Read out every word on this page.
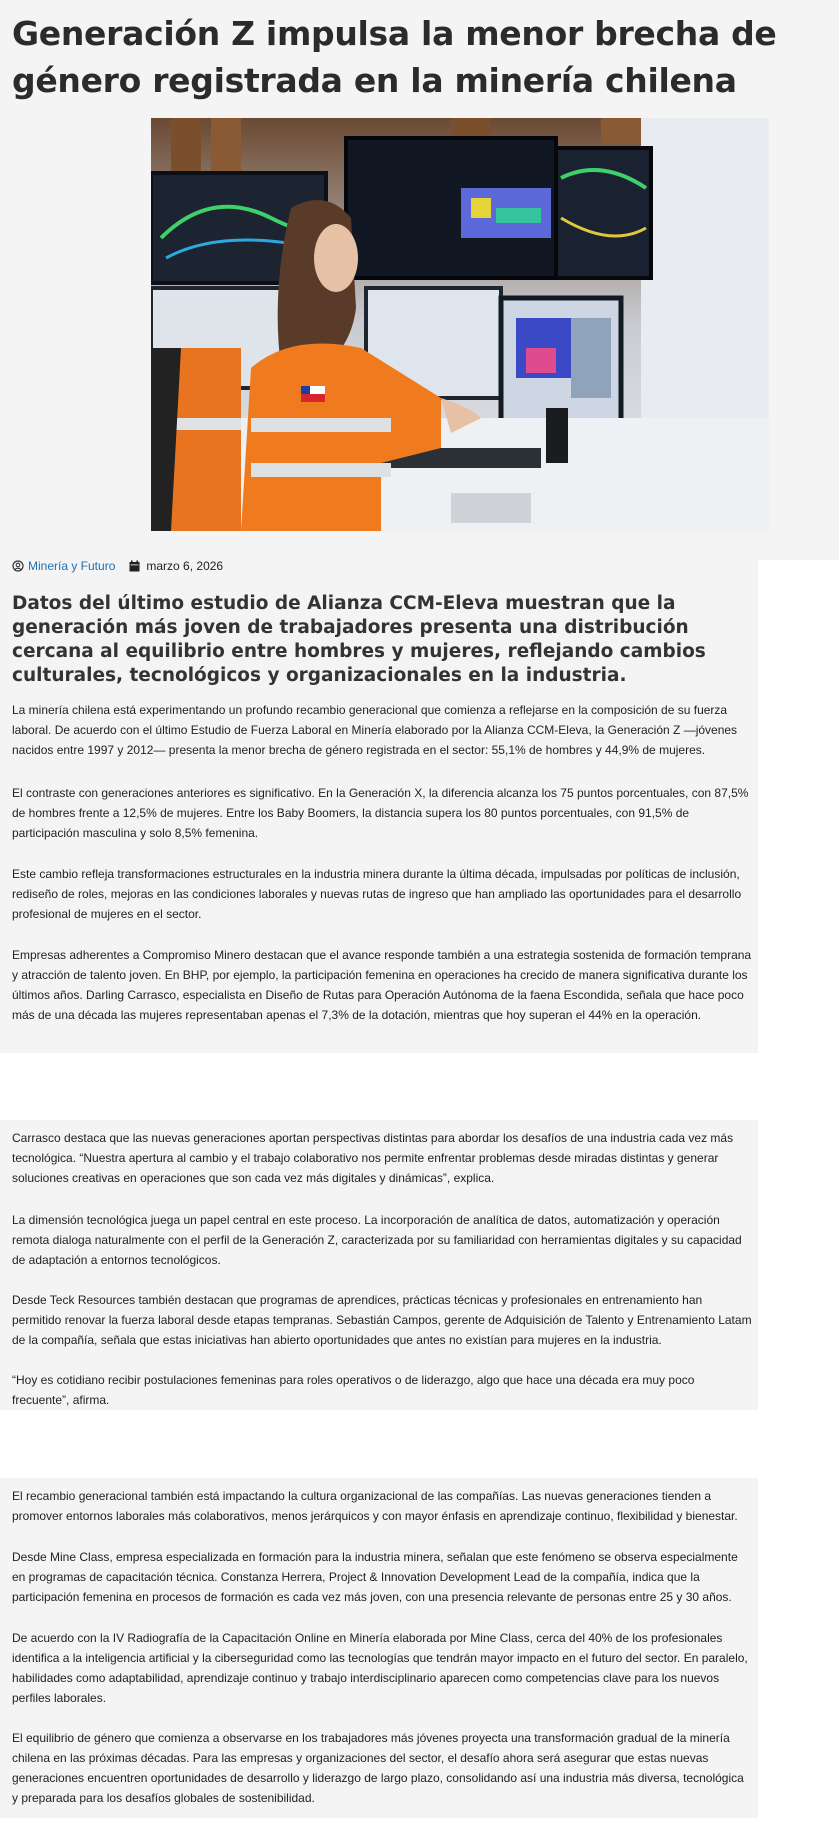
Generación Z impulsa la menor brecha de género registrada en la minería chilena
Minería y Futuro	marzo 6, 2026
Datos del último estudio de Alianza CCM-Eleva muestran que la generación más joven de trabajadores presenta una distribución cercana al equilibrio entre hombres y mujeres, reflejando cambios culturales, tecnológicos y organizacionales en la industria.

La minería chilena está experimentando un profundo recambio generacional que comienza a reflejarse en la composición de su fuerza laboral. De acuerdo con el último Estudio de Fuerza Laboral en Minería elaborado por la Alianza CCM-Eleva, la Generación Z —jóvenes nacidos entre 1997 y 2012— presenta la menor brecha de género registrada en el sector: 55,1% de hombres y 44,9% de mujeres.

El contraste con generaciones anteriores es significativo. En la Generación X, la diferencia alcanza los 75 puntos porcentuales, con 87,5% de hombres frente a 12,5% de mujeres. Entre los Baby Boomers, la distancia supera los 80 puntos porcentuales, con 91,5% de participación masculina y solo 8,5% femenina.

Este cambio refleja transformaciones estructurales en la industria minera durante la última década, impulsadas por políticas de inclusión, rediseño de roles, mejoras en las condiciones laborales y nuevas rutas de ingreso que han ampliado las oportunidades para el desarrollo profesional de mujeres en el sector.

Empresas adherentes a Compromiso Minero destacan que el avance responde también a una estrategia sostenida de formación temprana y atracción de talento joven. En BHP, por ejemplo, la participación femenina en operaciones ha crecido de manera significativa durante los últimos años. Darling Carrasco, especialista en Diseño de Rutas para Operación Autónoma de la faena Escondida, señala que hace poco más de una década las mujeres representaban apenas el 7,3% de la dotación, mientras que hoy superan el 44% en la operación.

Carrasco destaca que las nuevas generaciones aportan perspectivas distintas para abordar los desafíos de una industria cada vez más tecnológica. “Nuestra apertura al cambio y el trabajo colaborativo nos permite enfrentar problemas desde miradas distintas y generar soluciones creativas en operaciones que son cada vez más digitales y dinámicas”, explica.

La dimensión tecnológica juega un papel central en este proceso. La incorporación de analítica de datos, automatización y operación remota dialoga naturalmente con el perfil de la Generación Z, caracterizada por su familiaridad con herramientas digitales y su capacidad de adaptación a entornos tecnológicos.

Desde Teck Resources también destacan que programas de aprendices, prácticas técnicas y profesionales en entrenamiento han permitido renovar la fuerza laboral desde etapas tempranas. Sebastián Campos, gerente de Adquisición de Talento y Entrenamiento Latam de la compañía, señala que estas iniciativas han abierto oportunidades que antes no existían para mujeres en la industria.

“Hoy es cotidiano recibir postulaciones femeninas para roles operativos o de liderazgo, algo que hace una década era muy poco frecuente”, afirma.

El recambio generacional también está impactando la cultura organizacional de las compañías. Las nuevas generaciones tienden a promover entornos laborales más colaborativos, menos jerárquicos y con mayor énfasis en aprendizaje continuo, flexibilidad y bienestar.

Desde Mine Class, empresa especializada en formación para la industria minera, señalan que este fenómeno se observa especialmente en programas de capacitación técnica. Constanza Herrera, Project & Innovation Development Lead de la compañía, indica que la participación femenina en procesos de formación es cada vez más joven, con una presencia relevante de personas entre 25 y 30 años.

De acuerdo con la IV Radiografía de la Capacitación Online en Minería elaborada por Mine Class, cerca del 40% de los profesionales identifica a la inteligencia artificial y la ciberseguridad como las tecnologías que tendrán mayor impacto en el futuro del sector. En paralelo, habilidades como adaptabilidad, aprendizaje continuo y trabajo interdisciplinario aparecen como competencias clave para los nuevos perfiles laborales.

El equilibrio de género que comienza a observarse en los trabajadores más jóvenes proyecta una transformación gradual de la minería chilena en las próximas décadas. Para las empresas y organizaciones del sector, el desafío ahora será asegurar que estas nuevas generaciones encuentren oportunidades de desarrollo y liderazgo de largo plazo, consolidando así una industria más diversa, tecnológica y preparada para los desafíos globales de sostenibilidad.
